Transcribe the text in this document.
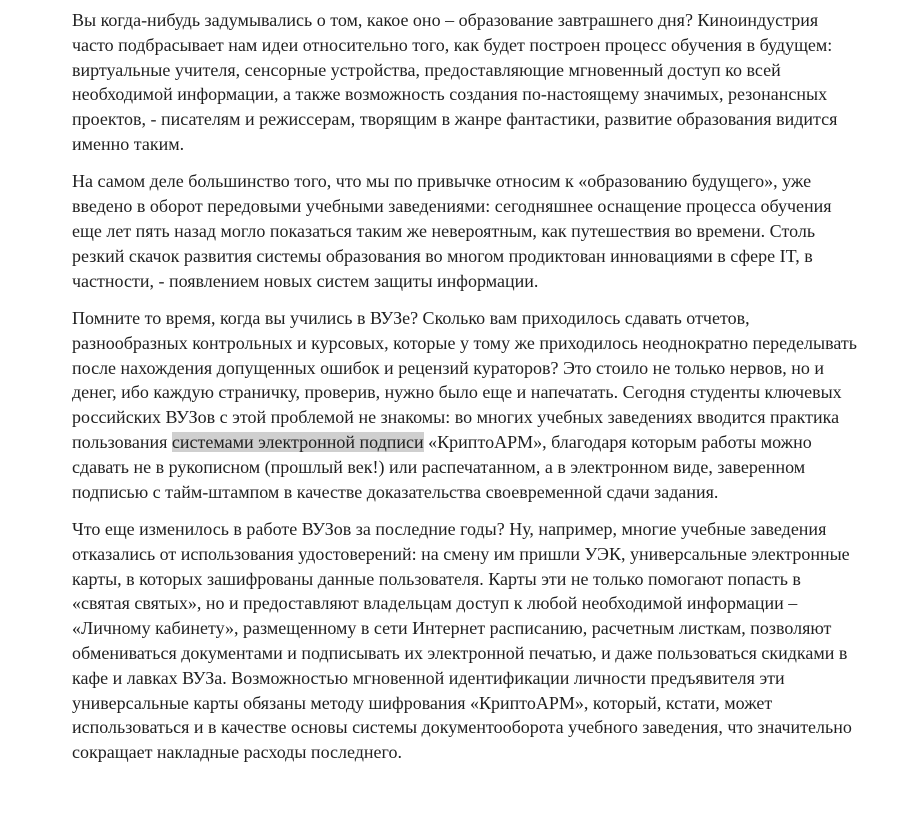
Вы когда-нибудь задумывались о том, какое оно – образование завтрашнего дня? Киноиндустрия часто подбрасывает нам идеи относительно того, как будет построен процесс обучения в будущем: виртуальные учителя, сенсорные устройства, предоставляющие мгновенный доступ ко всей необходимой информации, а также возможность создания по-настоящему значимых, резонансных проектов, - писателям и режиссерам, творящим в жанре фантастики, развитие образования видится именно таким.

На самом деле большинство того, что мы по привычке относим к «образованию будущего», уже введено в оборот передовыми учебными заведениями: сегодняшнее оснащение процесса обучения еще лет пять назад могло показаться таким же невероятным, как путешествия во времени. Столь резкий скачок развития системы образования во многом продиктован инновациями в сфере IT, в частности, - появлением новых систем защиты информации.

Помните то время, когда вы учились в ВУЗе? Сколько вам приходилось сдавать отчетов, разнообразных контрольных и курсовых, которые у тому же приходилось неоднократно переделывать после нахождения допущенных ошибок и рецензий кураторов? Это стоило не только нервов, но и денег, ибо каждую страничку, проверив, нужно было еще и напечатать. Сегодня студенты ключевых российских ВУЗов с этой проблемой не знакомы: во многих учебных заведениях вводится практика пользования системами электронной подписи «КриптоАРМ», благодаря которым работы можно сдавать не в рукописном (прошлый век!) или распечатанном, а в электронном виде, заверенном подписью с тайм-штампом в качестве доказательства своевременной сдачи задания.

Что еще изменилось в работе ВУЗов за последние годы? Ну, например, многие учебные заведения отказались от использования удостоверений: на смену им пришли УЭК, универсальные электронные карты, в которых зашифрованы данные пользователя. Карты эти не только помогают попасть в «святая святых», но и предоставляют владельцам доступ к любой необходимой информации – «Личному кабинету», размещенному в сети Интернет расписанию, расчетным листкам, позволяют обмениваться документами и подписывать их электронной печатью, и даже пользоваться скидками в кафе и лавках ВУЗа. Возможностью мгновенной идентификации личности предъявителя эти универсальные карты обязаны методу шифрования «КриптоАРМ», который, кстати, может использоваться и в качестве основы системы документооборота учебного заведения, что значительно сокращает накладные расходы последнего.
